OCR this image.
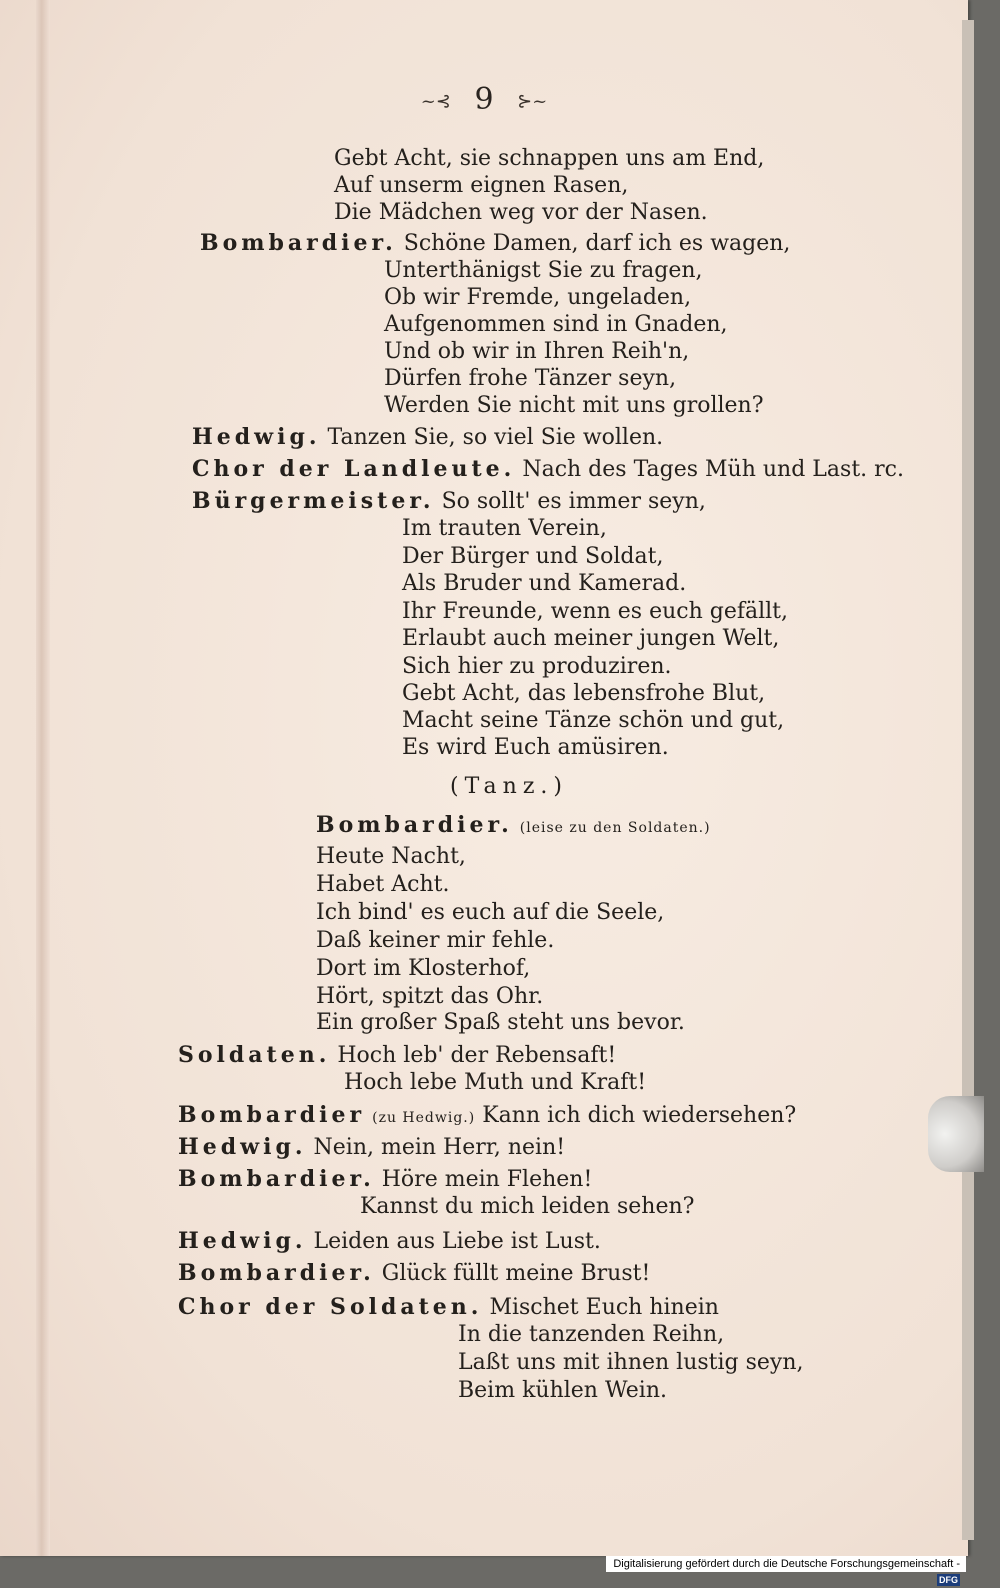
~⊰ 9 ⊱~
Gebt Acht, sie schnappen uns am End,
Auf unserm eignen Rasen,
Die Mädchen weg vor der Nasen.
Bombardier. Schöne Damen, darf ich es wagen,
Unterthänigst Sie zu fragen,
Ob wir Fremde, ungeladen,
Aufgenommen sind in Gnaden,
Und ob wir in Ihren Reih'n,
Dürfen frohe Tänzer seyn,
Werden Sie nicht mit uns grollen?
Hedwig. Tanzen Sie, so viel Sie wollen.
Chor der Landleute. Nach des Tages Müh und Last. rc.
Bürgermeister. So sollt' es immer seyn,
Im trauten Verein,
Der Bürger und Soldat,
Als Bruder und Kamerad.
Ihr Freunde, wenn es euch gefällt,
Erlaubt auch meiner jungen Welt,
Sich hier zu produziren.
Gebt Acht, das lebensfrohe Blut,
Macht seine Tänze schön und gut,
Es wird Euch amüsiren.
(Tanz.)
Bombardier. (leise zu den Soldaten.)
Heute Nacht,
Habet Acht.
Ich bind' es euch auf die Seele,
Daß keiner mir fehle.
Dort im Klosterhof,
Hört, spitzt das Ohr.
Ein großer Spaß steht uns bevor.
Soldaten. Hoch leb' der Rebensaft!
Hoch lebe Muth und Kraft!
Bombardier (zu Hedwig.) Kann ich dich wiedersehen?
Hedwig. Nein, mein Herr, nein!
Bombardier. Höre mein Flehen!
Kannst du mich leiden sehen?
Hedwig. Leiden aus Liebe ist Lust.
Bombardier. Glück füllt meine Brust!
Chor der Soldaten. Mischet Euch hinein
In die tanzenden Reihn,
Laßt uns mit ihnen lustig seyn,
Beim kühlen Wein.
Digitalisierung gefördert durch die Deutsche Forschungsgemeinschaft -DFG
